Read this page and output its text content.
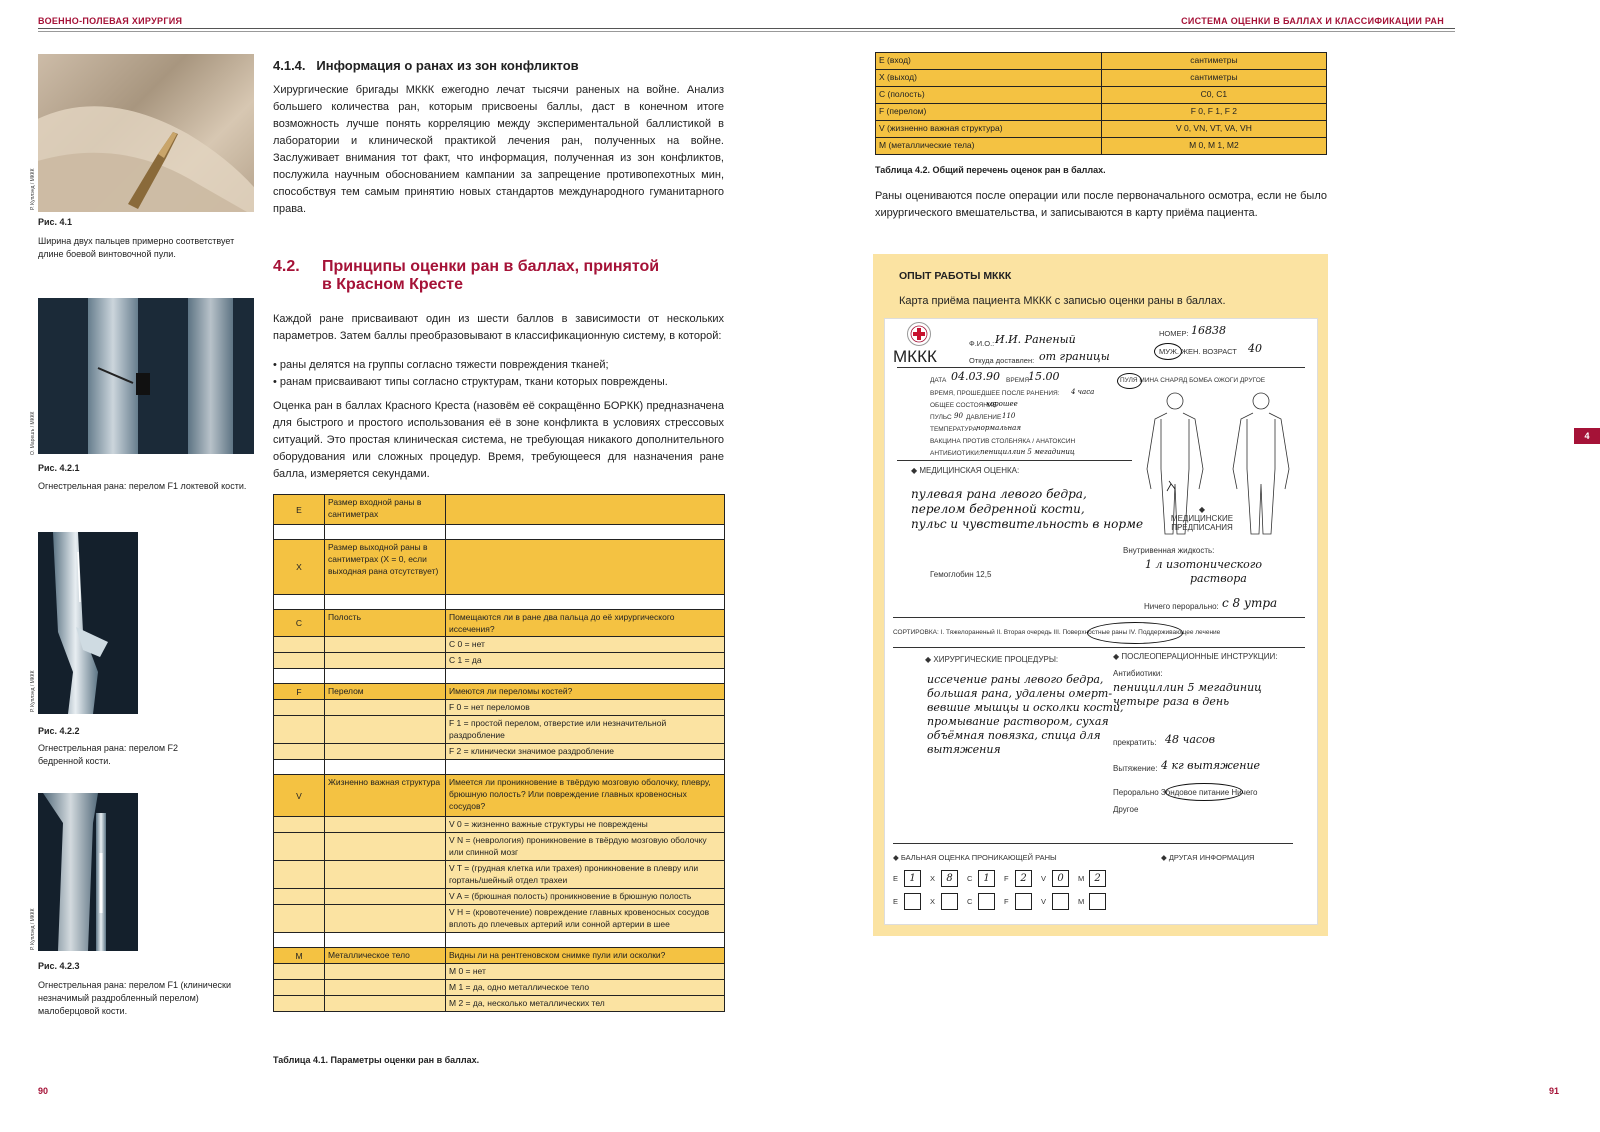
ВОЕННО-ПОЛЕВАЯ ХИРУРГИЯ	СИСТЕМА ОЦЕНКИ В БАЛЛАХ И КЛАССИФИКАЦИИ РАН
Р. Куплэнд / МККК
Рис. 4.1
Ширина двух пальцев примерно соответствует длине боевой винтовочной пули.
О. Марешъ / МККК
Рис. 4.2.1
Огнестрельная рана: перелом F1 локтевой кости.
Р. Куплэнд / МККК
Рис. 4.2.2
Огнестрельная рана: перелом F2 бедренной кости.
Р. Куплэнд / МККК
Рис. 4.2.3
Огнестрельная рана: перелом F1 (клинически незначимый раздробленный перелом) малоберцовой кости.
4.1.4. Информация о ранах из зон конфликтов
Хирургические бригады МККК ежегодно лечат тысячи раненых на войне. Анализ большего количества ран, которым присвоены баллы, даст в конечном итоге возможность лучше понять корреляцию между экспериментальной баллистикой в лаборатории и клинической практикой лечения ран, полученных на войне. Заслуживает внимания тот факт, что информация, полученная из зон конфликтов, послужила научным обоснованием кампании за запрещение противопехотных мин, способствуя тем самым принятию новых стандартов международного гуманитарного права.
4.2. Принципы оценки ран в баллах, принятой
в Красном Кресте
Каждой ране присваивают один из шести баллов в зависимости от нескольких параметров. Затем баллы преобразовывают в классификационную систему, в которой:
• раны делятся на группы согласно тяжести повреждения тканей;
• ранам присваивают типы согласно структурам, ткани которых повреждены.
Оценка ран в баллах Красного Креста (назовём её сокращённо БОРКК) предназначена для быстрого и простого использования её в зоне конфликта в условиях стрессовых ситуаций. Это простая клиническая система, не требующая никакого дополнительного оборудования или сложных процедур. Время, требующееся для назначения ране балла, измеряется секундами.
E	Размер входной раны в сантиметрах	

X	Размер выходной раны в сантиметрах (X = 0, если выходная рана отсутствует)	

C	Полость	Помещаются ли в ране два пальца до её хирургического иссечения?
		C 0 = нет
		C 1 = да

F	Перелом	Имеются ли переломы костей?
		F 0 = нет переломов
		F 1 = простой перелом, отверстие или незначительной раздробление
		F 2 = клинически значимое раздробление

V	Жизненно важная структура	Имеется ли проникновение в твёрдую мозговую оболочку, плевру, брюшную полость? Или повреждение главных кровеносных сосудов?
		V 0 = жизненно важные структуры не повреждены
		V N = (неврология) проникновение в твёрдую мозговую оболочку или спинной мозг
		V T = (грудная клетка или трахея) проникновение в плевру или гортань/шейный отдел трахеи
		V A = (брюшная полость) проникновение в брюшную полость
		V H = (кровотечение) повреждение главных кровеносных сосудов вплоть до плечевых артерий или сонной артерии в шее

M	Металлическое тело	Видны ли на рентгеновском снимке пули или осколки?
		M 0 = нет
		M 1 = да, одно металлическое тело
		M 2 = да, несколько металлических тел
Таблица 4.1. Параметры оценки ран в баллах.
90
E (вход)	сантиметры
X (выход)	сантиметры
C (полость)	C0, C1
F (перелом)	F 0, F 1, F 2
V (жизненно важная структура)	V 0, VN, VT, VA, VH
M (металлические тела)	M 0, M 1, M2
Таблица 4.2. Общий перечень оценок ран в баллах.
Раны оцениваются после операции или после первоначального осмотра, если не было хирургического вмешательства, и записываются в карту приёма пациента.
4
ОПЫТ РАБОТЫ МККК
Карта приёма пациента МККК с записью оценки раны в баллах.
МККК
Ф.И.О.: И.И. Раненый
Откуда доставлен: от границы
НОМЕР: 16838
МУЖ. ЖЕН. ВОЗРАСТ 40
ДАТА 04.03.90 ВРЕМЯ
15.00
ВРЕМЯ, ПРОШЕДШЕЕ ПОСЛЕ РАНЕНИЯ: 4 часа
ОБЩЕЕ СОСТОЯНИЕ
хорошее
ПУЛЬС 90 ДАВЛЕНИЕ 110
ТЕМПЕРАТУРА нормальная
ВАКЦИНА ПРОТИВ СТОЛБНЯКА / АНАТОКСИН
АНТИБИОТИКИ: пенициллин 5 мегадиниц
ПУЛЯ МИНА СНАРЯД БОМБА ОЖОГИ ДРУГОЕ
◆ МЕДИЦИНСКАЯ ОЦЕНКА:
пулевая рана левого бедра,
перелом бедренной кости,
пульс и чувствительность в норме
◆
МЕДИЦИНСКИЕ ПРЕДПИСАНИЯ
Внутривенная жидкость:
1 л изотонического
раствора
Гемоглобин 12,5
Ничего перорально: с 8 утра
СОРТИРОВКА: I. Тяжелораненый II. Вторая очередь III. Поверхностные раны IV. Поддерживающее лечение
◆ ХИРУРГИЧЕСКИЕ ПРОЦЕДУРЫ:
иссечение раны левого бедра,
большая рана, удалены омерт-
вевшие мышцы и осколки кости,
промывание раствором, сухая
объёмная повязка, спица для
вытяжения
◆ ПОСЛЕОПЕРАЦИОННЫЕ ИНСТРУКЦИИ:
Антибиотики:
пенициллин 5 мегадиниц
четыре раза в день
прекратить: 48 часов
Вытяжение: 4 кг вытяжение
Перорально Зондовое питание Ничего
Другое
◆ БАЛЬНАЯ ОЦЕНКА ПРОНИКАЮЩЕЙ РАНЫ	◆ ДРУГАЯ ИНФОРМАЦИЯ
E	1	X	8	C	1	F	2	V	0	M	2
E	X	C	F	V	M
91
